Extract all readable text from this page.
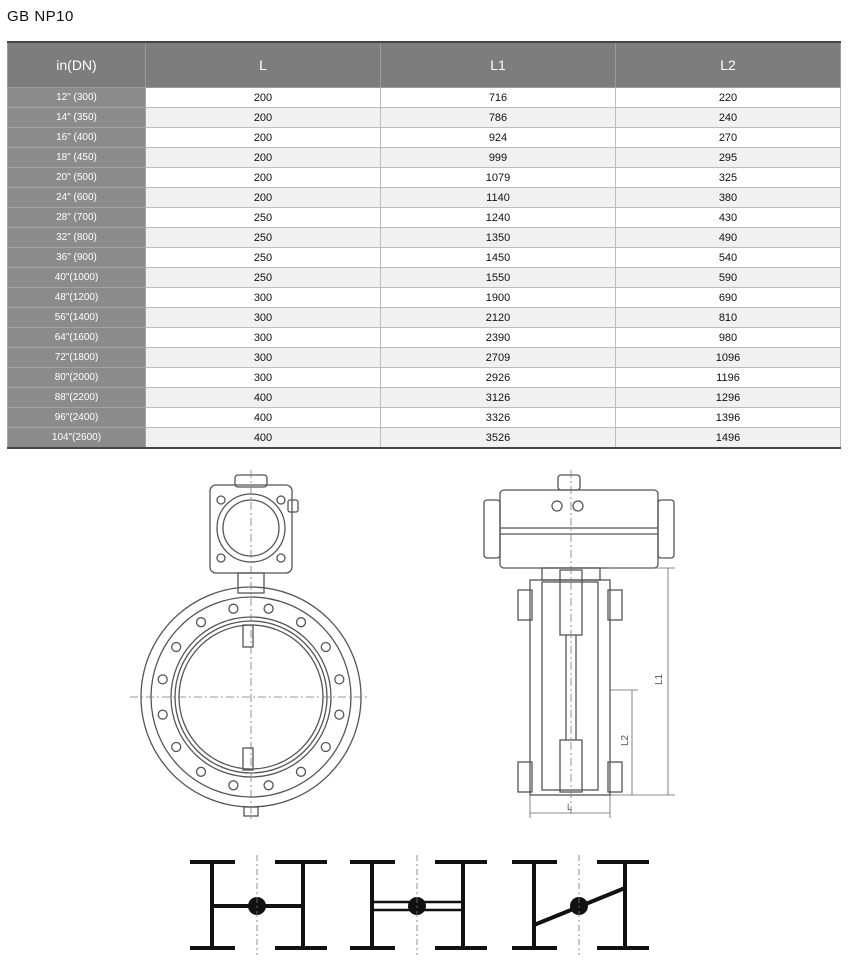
GB NP10
in(DN)	L	L1	L2
12" (300)	200	716	220
14" (350)	200	786	240
16" (400)	200	924	270
18" (450)	200	999	295
20" (500)	200	1079	325
24" (600)	200	1140	380
28" (700)	250	1240	430
32" (800)	250	1350	490
36" (900)	250	1450	540
40"(1000)	250	1550	590
48"(1200)	300	1900	690
56"(1400)	300	2120	810
64"(1600)	300	2390	980
72"(1800)	300	2709	1096
80"(2000)	300	2926	1196
88"(2200)	400	3126	1296
96"(2400)	400	3326	1396
104"(2600)	400	3526	1496
L1
L2
L
